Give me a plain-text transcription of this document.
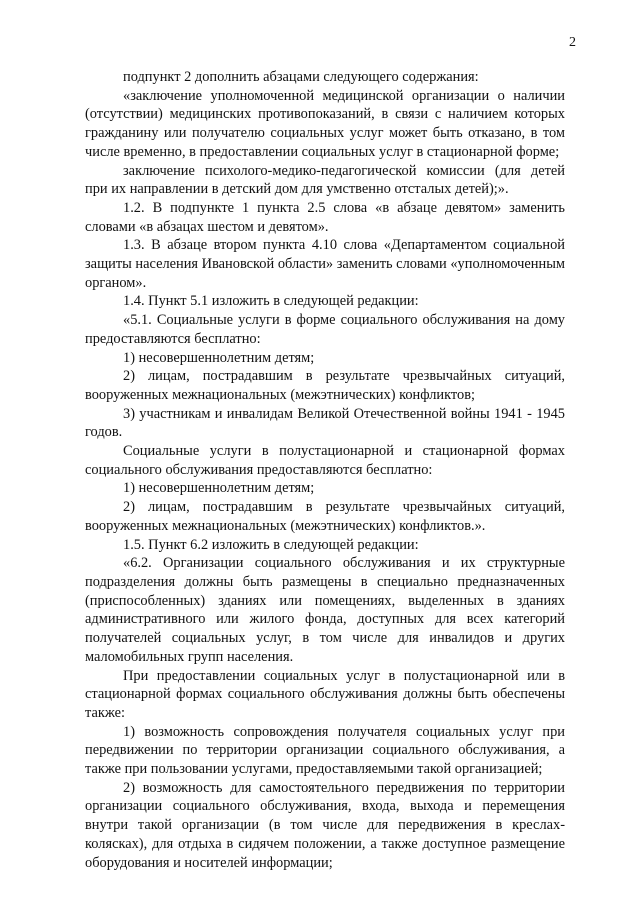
2

подпункт 2 дополнить абзацами следующего содержания:

«заключение уполномоченной медицинской организации о наличии (отсутствии) медицинских противопоказаний, в связи с наличием которых гражданину или получателю социальных услуг может быть отказано, в том числе временно, в предоставлении социальных услуг в стационарной форме;

заключение психолого-медико-педагогической комиссии (для детей при их направлении в детский дом для умственно отсталых детей);».

1.2. В подпункте 1 пункта 2.5 слова «в абзаце девятом» заменить словами «в абзацах шестом и девятом».

1.3. В абзаце втором пункта 4.10 слова «Департаментом социальной защиты населения Ивановской области» заменить словами «уполномоченным органом».

1.4. Пункт 5.1 изложить в следующей редакции:

«5.1. Социальные услуги в форме социального обслуживания на дому предоставляются бесплатно:

1) несовершеннолетним детям;

2) лицам, пострадавшим в результате чрезвычайных ситуаций, вооруженных межнациональных (межэтнических) конфликтов;

3) участникам и инвалидам Великой Отечественной войны 1941 - 1945 годов.

Социальные услуги в полустационарной и стационарной формах социального обслуживания предоставляются бесплатно:

1) несовершеннолетним детям;

2) лицам, пострадавшим в результате чрезвычайных ситуаций, вооруженных межнациональных (межэтнических) конфликтов.».

1.5. Пункт 6.2 изложить в следующей редакции:

«6.2. Организации социального обслуживания и их структурные подразделения должны быть размещены в специально предназначенных (приспособленных) зданиях или помещениях, выделенных в зданиях административного или жилого фонда, доступных для всех категорий получателей социальных услуг, в том числе для инвалидов и других маломобильных групп населения.

При предоставлении социальных услуг в полустационарной или в стационарной формах социального обслуживания должны быть обеспечены также:

1) возможность сопровождения получателя социальных услуг при передвижении по территории организации социального обслуживания, а также при пользовании услугами, предоставляемыми такой организацией;

2) возможность для самостоятельного передвижения по территории организации социального обслуживания, входа, выхода и перемещения внутри такой организации (в том числе для передвижения в креслах-колясках), для отдыха в сидячем положении, а также доступное размещение оборудования и носителей информации;
